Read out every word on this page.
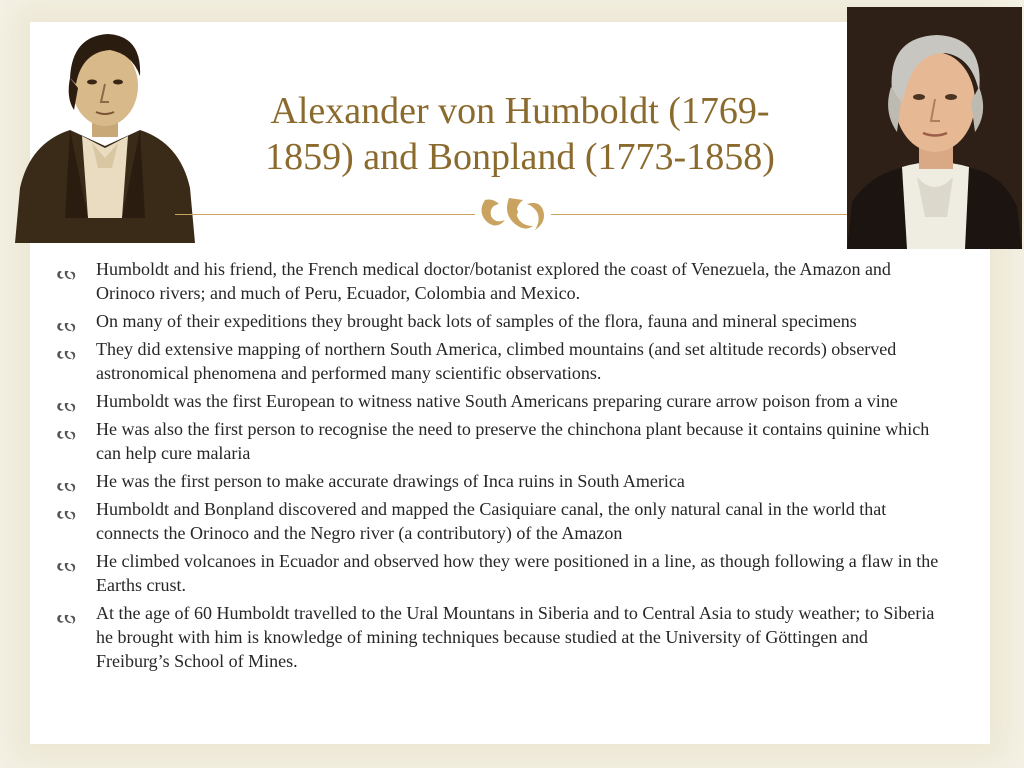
Alexander von Humboldt (1769-
1859) and Bonpland (1773-1858)
Humboldt and his friend, the French medical doctor/botanist explored the coast of Venezuela, the Amazon and Orinoco rivers; and much of Peru, Ecuador, Colombia and Mexico.
On many of their expeditions they brought back lots of samples of the flora, fauna and mineral specimens
They did extensive mapping of northern South America, climbed mountains (and set altitude records) observed astronomical phenomena and performed many scientific observations.
Humboldt was the first European to witness native South Americans preparing curare arrow poison from a vine
He was also the first person to recognise the need to preserve the chinchona plant because it contains quinine which can help cure malaria
He was the first person to make accurate drawings of Inca ruins in South America
Humboldt and Bonpland discovered and mapped the Casiquiare canal, the only natural canal in the world that connects the Orinoco and the Negro river (a contributory) of the Amazon
He climbed volcanoes in Ecuador and observed how they were positioned in a line, as though following a flaw in the Earths crust.
At the age of 60 Humboldt travelled to the Ural Mountans in Siberia and to Central Asia to study weather; to Siberia he brought with him is knowledge of mining techniques because studied at the University of Göttingen and Freiburg’s School of Mines.
